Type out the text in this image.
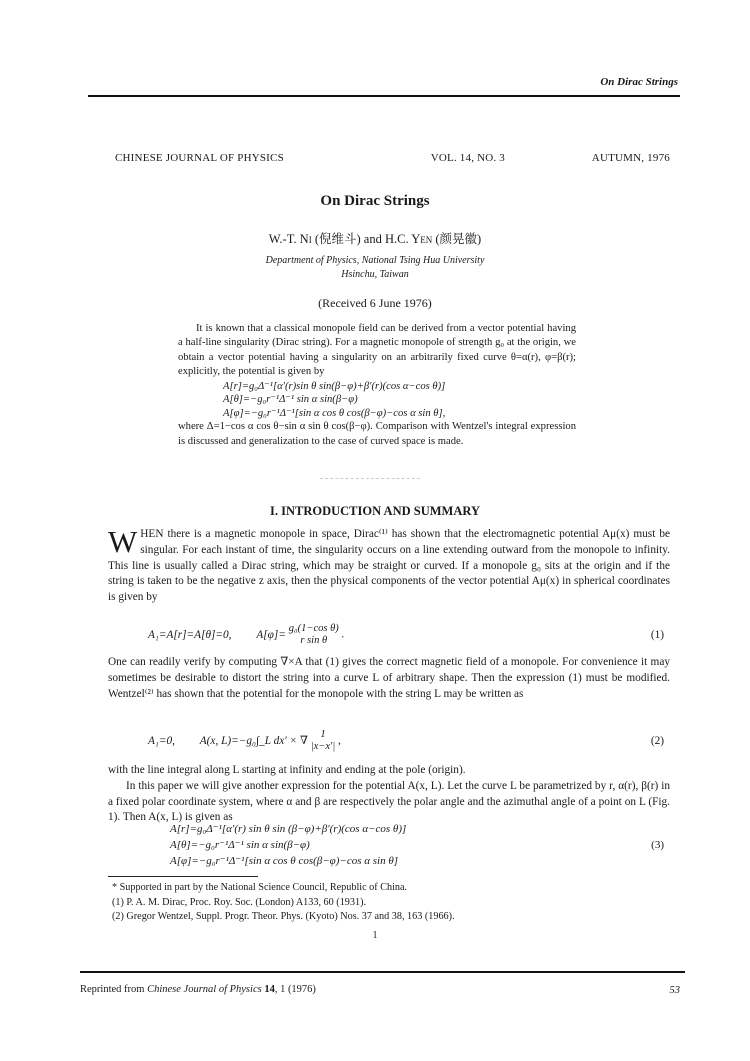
On Dirac Strings
CHINESE JOURNAL OF PHYSICS	VOL. 14, NO. 3	AUTUMN, 1976
On Dirac Strings
W.-T. Ni (倪维斗) and H.C. Yen (颜晃徽)
Department of Physics, National Tsing Hua University
Hsinchu, Taiwan
(Received 6 June 1976)

It is known that a classical monopole field can be derived from a vector potential having a half-line singularity (Dirac string). For a magnetic monopole of strength g₀ at the origin, we obtain a vector potential having a singularity on an arbitrarily fixed curve θ=α(r), φ=β(r); explicitly, the potential is given by

A[r]=g₀Δ⁻¹[α′(r)sin θ sin(β−φ)+β′(r)(cos α−cos θ)]
A[θ]=−g₀r⁻¹Δ⁻¹ sin α sin(β−φ)
A[φ]=−g₀r⁻¹Δ⁻¹[sin α cos θ cos(β−φ)−cos α sin θ],

where Δ=1−cos α cos θ−sin α sin θ cos(β−φ). Comparison with Wentzel's integral expression is discussed and generalization to the case of curved space is made.

I. INTRODUCTION AND SUMMARY

WHEN there is a magnetic monopole in space, Dirac⁽¹⁾ has shown that the electromagnetic potential Aμ(x) must be singular. For each instant of time, the singularity occurs on a line extending outward from the monopole to infinity. This line is usually called a Dirac string, which may be straight or curved. If a monopole g₀ sits at the origin and if the string is taken to be the negative z axis, then the physical components of the vector potential Aμ(x) in spherical coordinates is given by

A₁=A[r]=A[θ]=0, A[φ]=
g₀(1−cos θ)
r sin θ	.	(1)

One can readily verify by computing ∇×A that (1) gives the correct magnetic field of a monopole. For convenience it may sometimes be desirable to distort the string into a curve L of arbitrary shape. Then the expression (1) must be modified. Wentzel⁽²⁾ has shown that the potential for the monopole with the string L may be written as

A₁=0, A(x, L)=−g₀∫_L dx′ × ∇
1
|x−x′| ,	(2)

with the line integral along L starting at infinity and ending at the pole (origin).

In this paper we will give another expression for the potential A(x, L). Let the curve L be parametrized by r, α(r), β(r) in a fixed polar coordinate system, where α and β are respectively the polar angle and the azimuthal angle of a point on L (Fig. 1). Then A(x, L) is given as

A[r]=g₀Δ⁻¹[α′(r) sin θ sin (β−φ)+β′(r)(cos α−cos θ)]
A[θ]=−g₀r⁻¹Δ⁻¹ sin α sin(β−φ)
A[φ]=−g₀r⁻¹Δ⁻¹[sin α cos θ cos(β−φ)−cos α sin θ]
(3)
* Supported in part by the National Science Council, Republic of China.
(1) P. A. M. Dirac, Proc. Roy. Soc. (London) A133, 60 (1931).
(2) Gregor Wentzel, Suppl. Progr. Theor. Phys. (Kyoto) Nos. 37 and 38, 163 (1966).
1
Reprinted from Chinese Journal of Physics 14, 1 (1976)	53
